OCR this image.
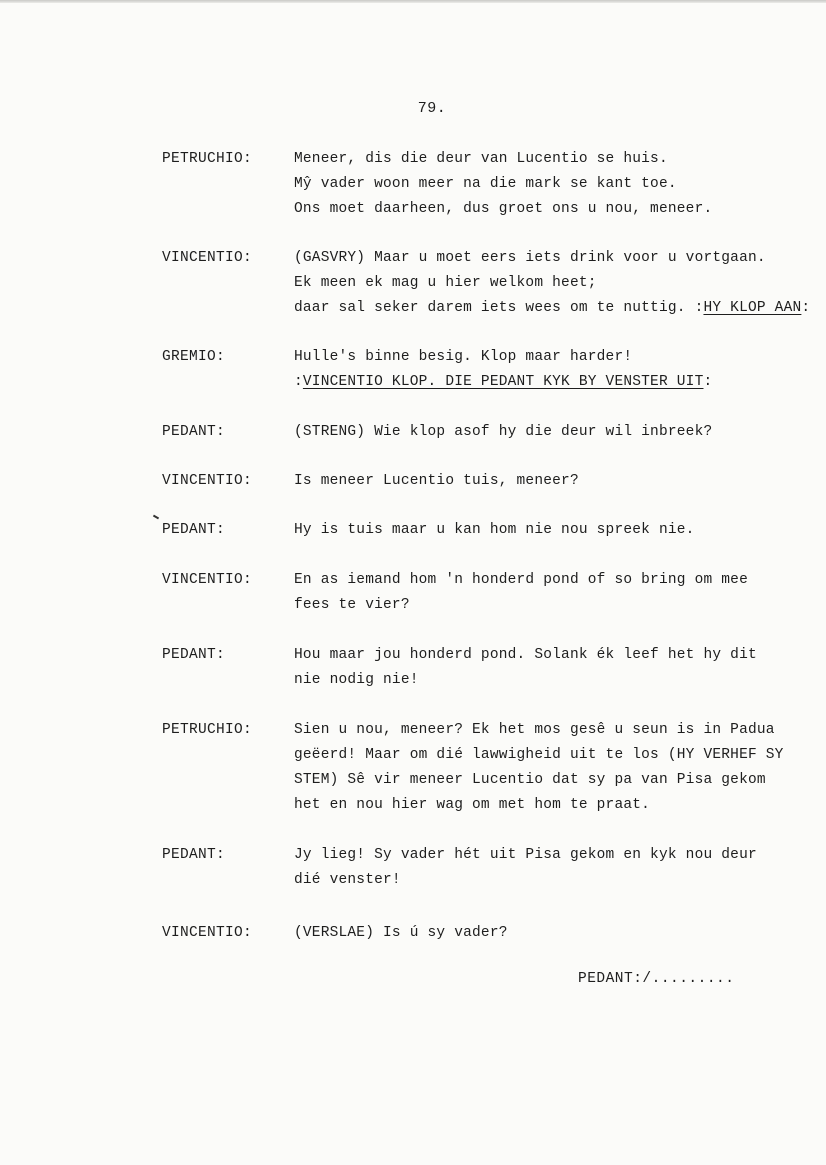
79.
PETRUCHIO:	Meneer, dis die deur van Lucentio se huis.
Mŷ vader woon meer na die mark se kant toe.
Ons moet daarheen, dus groet ons u nou, meneer.
VINCENTIO:	(GASVRY) Maar u moet eers iets drink voor u vortgaan.
Ek meen ek mag u hier welkom heet;
daar sal seker darem iets wees om te nuttig. :HY KLOP AAN:
GREMIO:	Hulle's binne besig. Klop maar harder!
:VINCENTIO KLOP. DIE PEDANT KYK BY VENSTER UIT:
PEDANT:	(STRENG) Wie klop asof hy die deur wil inbreek?
VINCENTIO:	Is meneer Lucentio tuis, meneer?
PEDANT:	Hy is tuis maar u kan hom nie nou spreek nie.
VINCENTIO:	En as iemand hom 'n honderd pond of so bring om mee
fees te vier?
PEDANT:	Hou maar jou honderd pond. Solank ék leef het hy dit
nie nodig nie!
PETRUCHIO:	Sien u nou, meneer? Ek het mos gesê u seun is in Padua
geëerd! Maar om dié lawwigheid uit te los (HY VERHEF SY
STEM) Sê vir meneer Lucentio dat sy pa van Pisa gekom
het en nou hier wag om met hom te praat.
PEDANT:	Jy lieg! Sy vader hét uit Pisa gekom en kyk nou deur
dié venster!
VINCENTIO:	(VERSLAE) Is ú sy vader?
PEDANT:/.........
